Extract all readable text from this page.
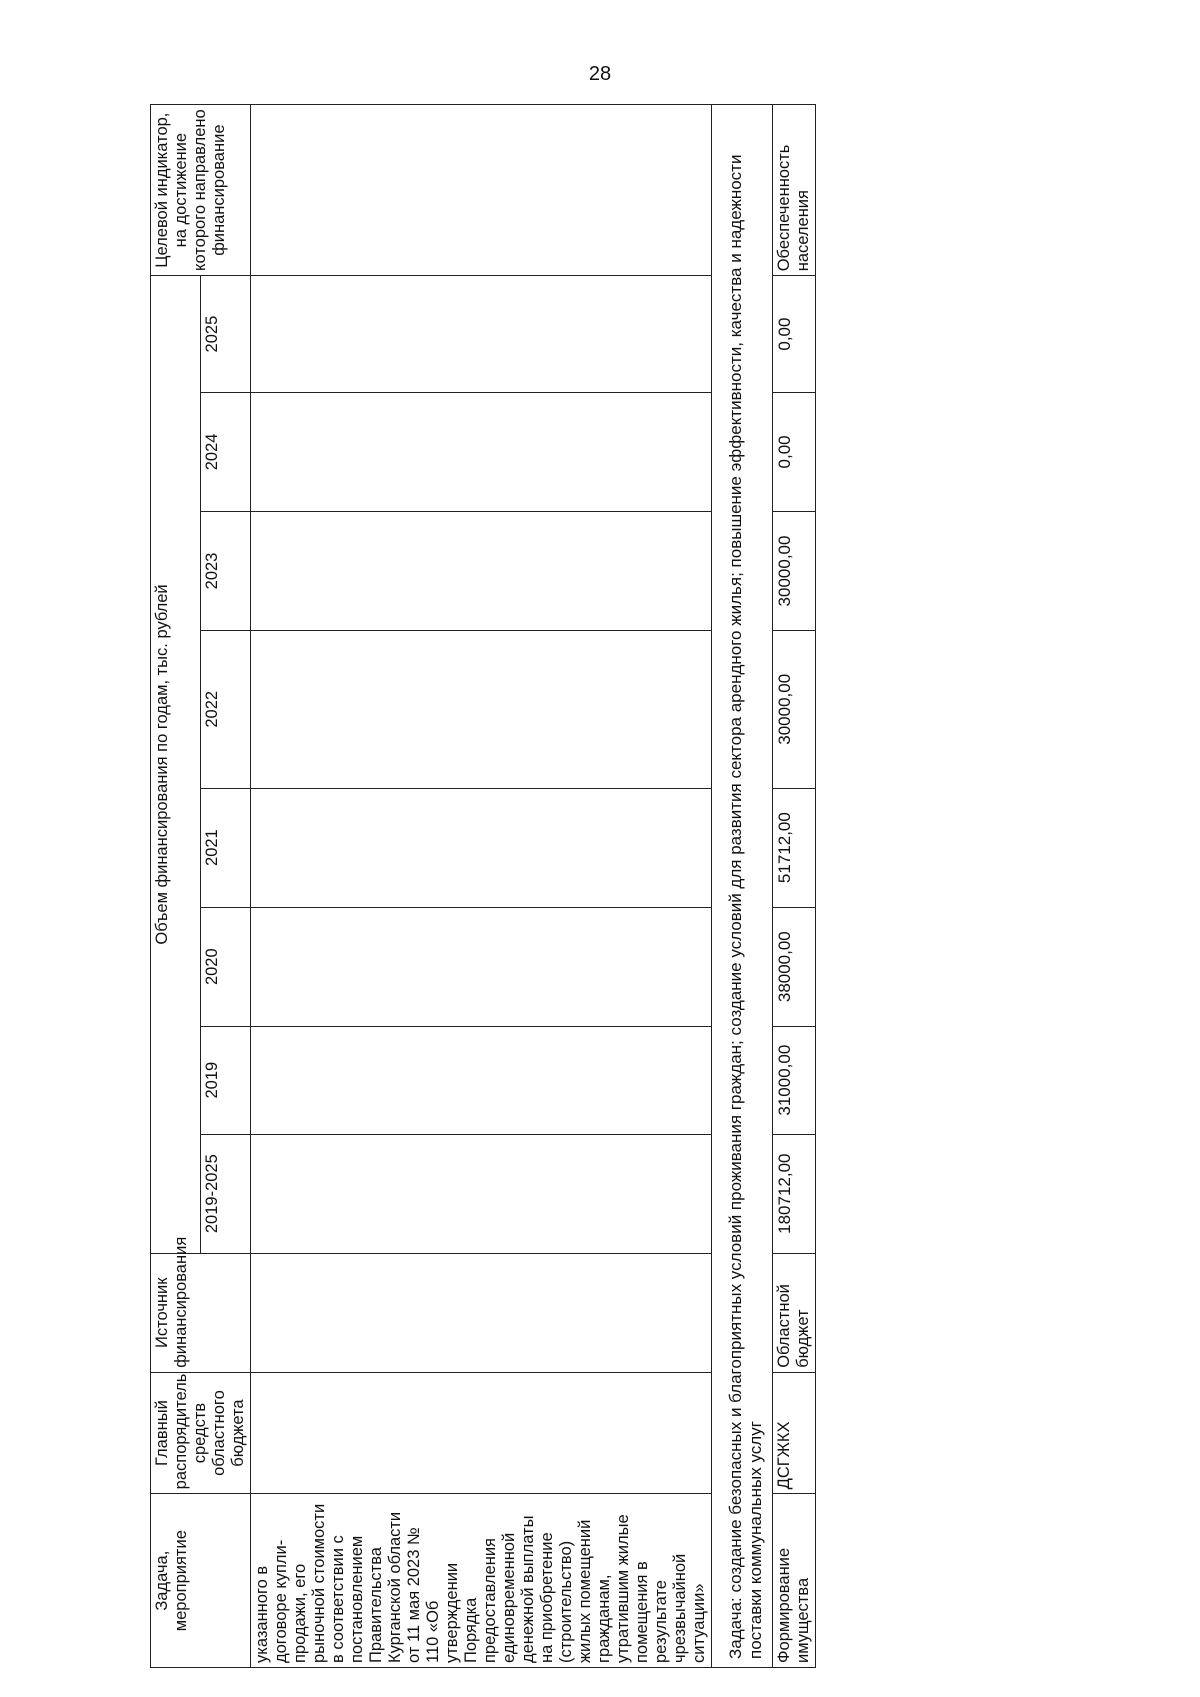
28
Задача, мероприятие	Главный распорядитель средств областного бюджета	Источник финансирования	Объем финансирования по годам, тыс. рублей								Целевой индикатор, на достижение которого направлено финансирование
			2019-2025	2019	2020	2021	2022	2023	2024	2025	
указанного в договоре купли-продажи, его рыночной стоимости в соответствии с постановлением Правительства Курганской области от 11 мая 2023 № 110 «Об утверждении Порядка предоставления единовременной денежной выплаты на приобретение (строительство) жилых помещений гражданам, утратившим жилые помещения в результате чрезвычайной ситуации»											
Задача: создание безопасных и благоприятных условий проживания граждан; создание условий для развития сектора арендного жилья; повышение эффективности, качества и надежности поставки коммунальных услуг											
Формирование имущества	ДСГЖКХ	Областной бюджет	180712,00	31000,00	38000,00	51712,00	30000,00	30000,00	0,00	0,00	Обеспеченность населения
